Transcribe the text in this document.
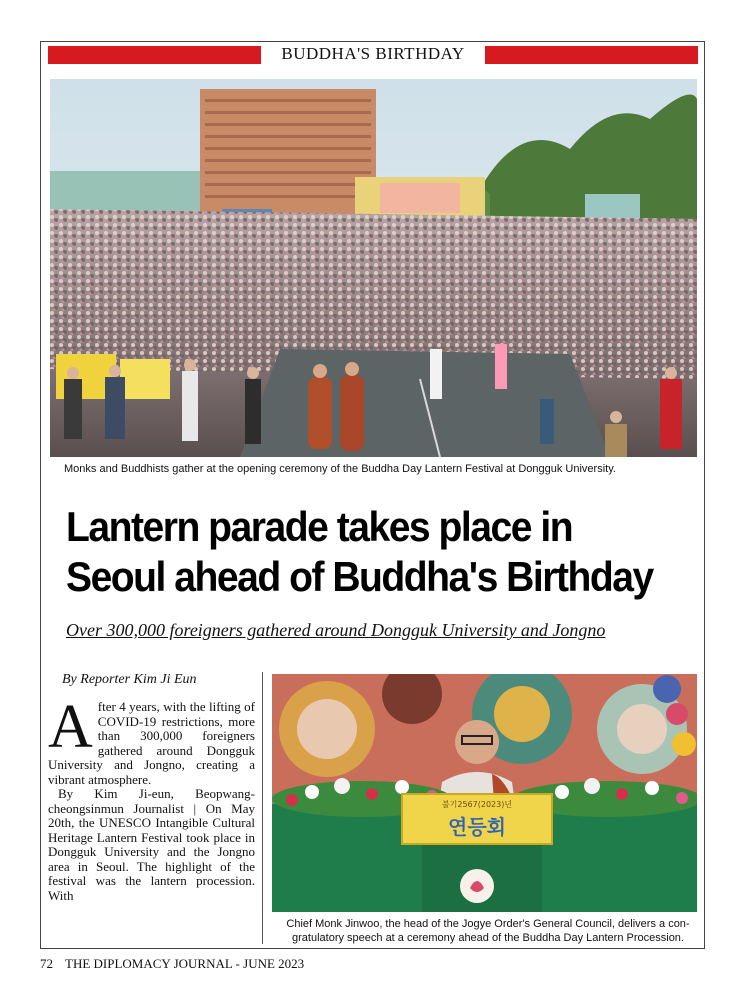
BUDDHA'S BIRTHDAY
Monks and Buddhists gather at the opening ceremony of the Buddha Day Lantern Festival at Dongguk University.
Lantern parade takes place in
Seoul ahead of Buddha's Birthday
Over 300,000 foreigners gathered around Dongguk University and Jongno
By Reporter Kim Ji Eun

After 4 years, with the lifting of COVID-19 restrictions, more than 300,000 foreigners gathered around Dongguk University and Jongno, creating a vibrant atmosphere.

By Kim Ji-eun, Beopwang-cheongsinmun Journalist | On May 20th, the UNESCO Intangible Cultural Heritage Lantern Festival took place in Dongguk University and the Jongno area in Seoul. The highlight of the festival was the lantern procession. With

불기2567(2023)년
연등회
Chief Monk Jinwoo, the head of the Jogye Order's General Council, delivers a con-gratulatory speech at a ceremony ahead of the Buddha Day Lantern Procession.
72 THE DIPLOMACY JOURNAL - JUNE 2023
